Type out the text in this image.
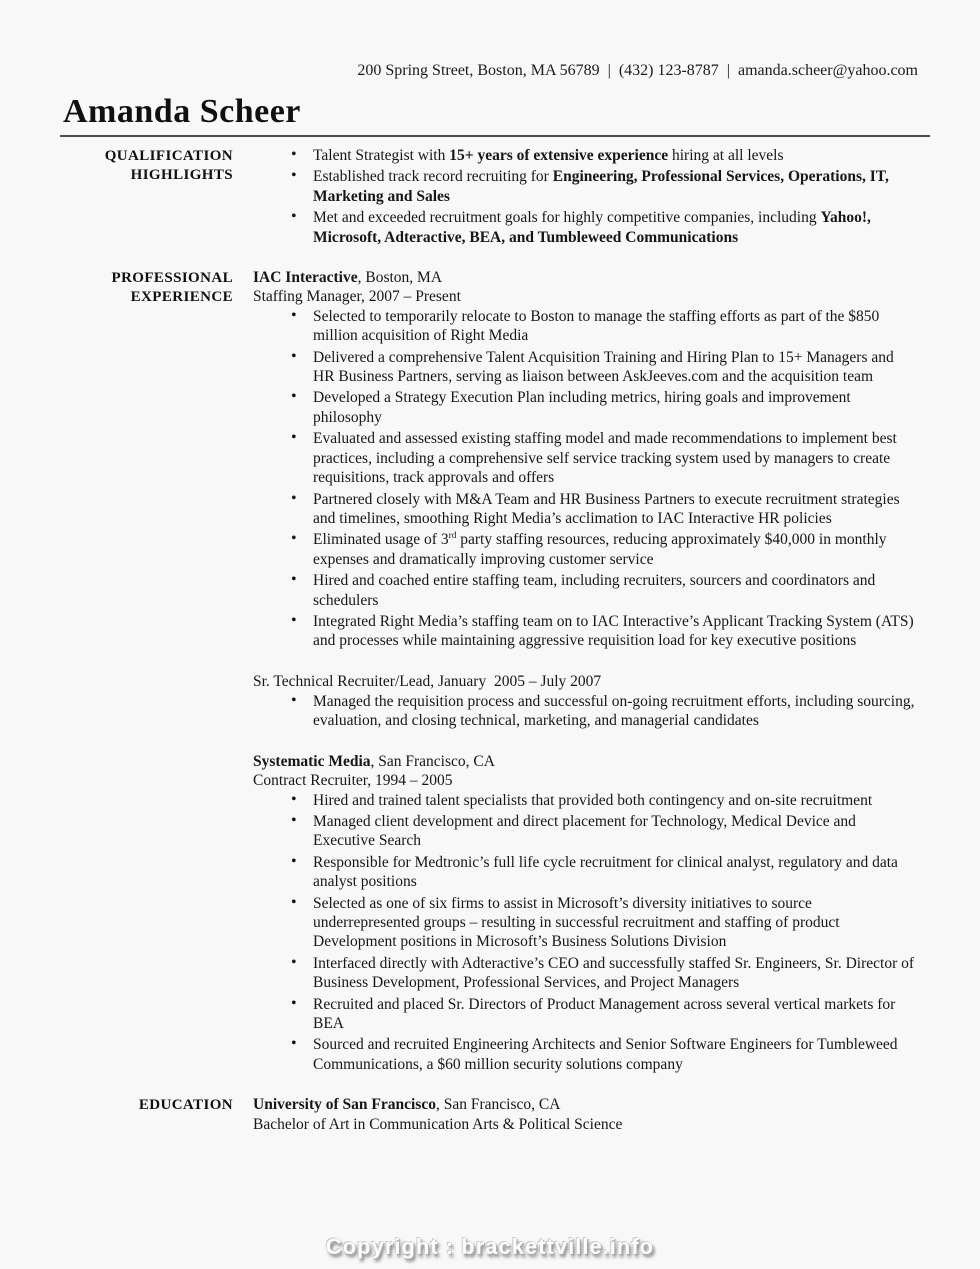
200 Spring Street, Boston, MA 56789  |  (432) 123-8787  |  amanda.scheer@yahoo.com
Amanda Scheer
QUALIFICATION
HIGHLIGHTS
• Talent Strategist with 15+ years of extensive experience hiring at all levels
• Established track record recruiting for Engineering, Professional Services, Operations, IT, Marketing and Sales
• Met and exceeded recruitment goals for highly competitive companies, including Yahoo!, Microsoft, Adteractive, BEA, and Tumbleweed Communications
PROFESSIONAL
EXPERIENCE
IAC Interactive, Boston, MA
Staffing Manager, 2007 – Present
• Selected to temporarily relocate to Boston to manage the staffing efforts as part of the $850 million acquisition of Right Media
• Delivered a comprehensive Talent Acquisition Training and Hiring Plan to 15+ Managers and HR Business Partners, serving as liaison between AskJeeves.com and the acquisition team
• Developed a Strategy Execution Plan including metrics, hiring goals and improvement philosophy
• Evaluated and assessed existing staffing model and made recommendations to implement best practices, including a comprehensive self service tracking system used by managers to create requisitions, track approvals and offers
• Partnered closely with M&A Team and HR Business Partners to execute recruitment strategies and timelines, smoothing Right Media’s acclimation to IAC Interactive HR policies
• Eliminated usage of 3rd party staffing resources, reducing approximately $40,000 in monthly expenses and dramatically improving customer service
• Hired and coached entire staffing team, including recruiters, sourcers and coordinators and schedulers
• Integrated Right Media’s staffing team on to IAC Interactive’s Applicant Tracking System (ATS) and processes while maintaining aggressive requisition load for key executive positions
Sr. Technical Recruiter/Lead, January  2005 – July 2007
• Managed the requisition process and successful on-going recruitment efforts, including sourcing, evaluation, and closing technical, marketing, and managerial candidates
Systematic Media, San Francisco, CA
Contract Recruiter, 1994 – 2005
• Hired and trained talent specialists that provided both contingency and on-site recruitment
• Managed client development and direct placement for Technology, Medical Device and Executive Search
• Responsible for Medtronic’s full life cycle recruitment for clinical analyst, regulatory and data analyst positions
• Selected as one of six firms to assist in Microsoft’s diversity initiatives to source underrepresented groups – resulting in successful recruitment and staffing of product Development positions in Microsoft’s Business Solutions Division
• Interfaced directly with Adteractive’s CEO and successfully staffed Sr. Engineers, Sr. Director of Business Development, Professional Services, and Project Managers
• Recruited and placed Sr. Directors of Product Management across several vertical markets for BEA
• Sourced and recruited Engineering Architects and Senior Software Engineers for Tumbleweed Communications, a $60 million security solutions company
EDUCATION University of San Francisco, San Francisco, CA
Bachelor of Art in Communication Arts & Political Science
Copyright : brackettville.info
